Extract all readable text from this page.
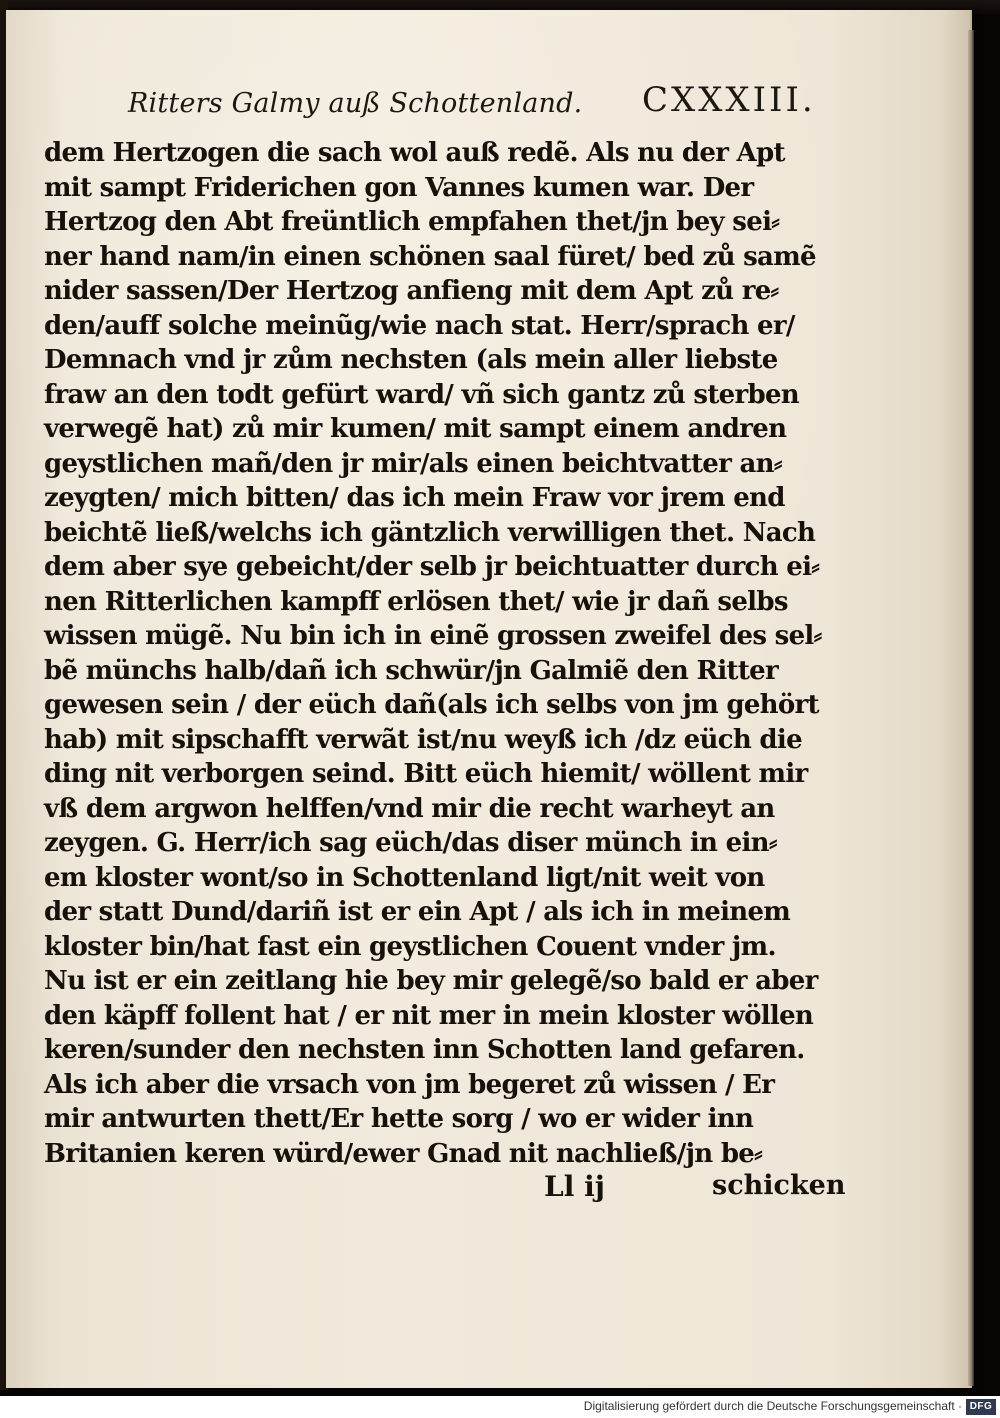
Ritters Galmy auß Schottenland. CXXXIII.
dem Hertzogen die sach wol auß redẽ. Als nu der Apt
mit sampt Friderichen gon Vannes kumen war. Der
Hertzog den Abt freüntlich empfahen thet/jn bey sei⸗
ner hand nam/in einen schönen saal füret/ bed zů samẽ
nider sassen/Der Hertzog anfieng mit dem Apt zů re⸗
den/auff solche meinũg/wie nach stat. Herr/sprach er/
Demnach vnd jr zům nechsten (als mein aller liebste
fraw an den todt gefürt ward/ vñ sich gantz zů sterben
verwegẽ hat) zů mir kumen/ mit sampt einem andren
geystlichen mañ/den jr mir/als einen beichtvatter an⸗
zeygten/ mich bitten/ das ich mein Fraw vor jrem end
beichtẽ ließ/welchs ich gäntzlich verwilligen thet. Nach
dem aber sye gebeicht/der selb jr beichtuatter durch ei⸗
nen Ritterlichen kampff erlösen thet/ wie jr dañ selbs
wissen mügẽ. Nu bin ich in einẽ grossen zweifel des sel⸗
bẽ münchs halb/dañ ich schwür/jn Galmiẽ den Ritter
gewesen sein / der eüch dañ(als ich selbs von jm gehört
hab) mit sipschafft verwãt ist/nu weyß ich /dz eüch die
ding nit verborgen seind. Bitt eüch hiemit/ wöllent mir
vß dem argwon helffen/vnd mir die recht warheyt an
zeygen. G. Herr/ich sag eüch/das diser münch in ein⸗
em kloster wont/so in Schottenland ligt/nit weit von
der statt Dund/dariñ ist er ein Apt / als ich in meinem
kloster bin/hat fast ein geystlichen Couent vnder jm.
Nu ist er ein zeitlang hie bey mir gelegẽ/so bald er aber
den käpff follent hat / er nit mer in mein kloster wöllen
keren/sunder den nechsten inn Schotten land gefaren.
Als ich aber die vrsach von jm begeret zů wissen / Er
mir antwurten thett/Er hette sorg / wo er wider inn
Britanien keren würd/ewer Gnad nit nachließ/jn be⸗
Ll ij	schicken
Digitalisierung gefördert durch die Deutsche Forschungsgemeinschaft · DFG
